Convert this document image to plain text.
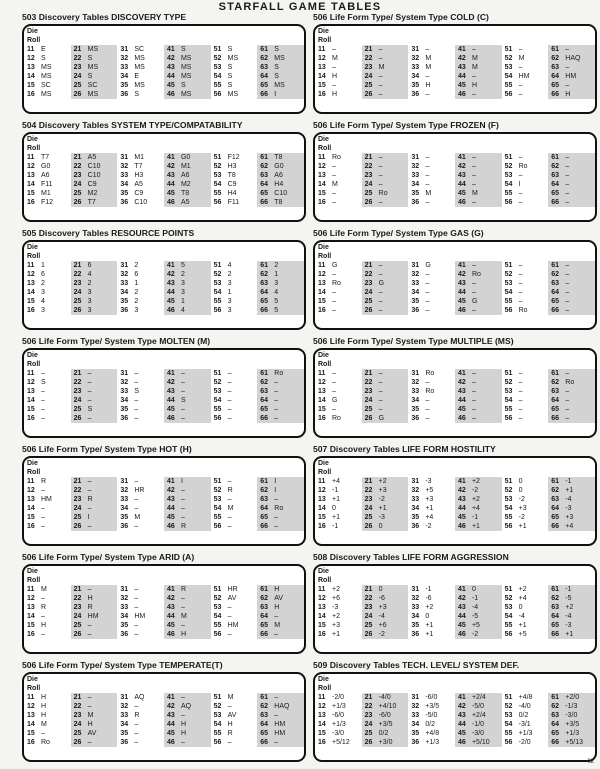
STARFALL GAME TABLES
503 Discovery Tables DISCOVERY TYPE
Die
Roll					

11 E	21 MS	31 SC	41 S	51 S	61 S
12 S	22 S	32 MS	42 MS	52 MS	62 MS
13 MS	23 MS	33 MS	43 MS	53 S	63 S
14 MS	24 S	34 E	44 MS	54 S	64 S
15 SC	25 SC	35 MS	45 S	55 S	65 MS
16 MS	26 MS	36 S	46 MS	56 MS	66 I
504 Discovery Tables SYSTEM TYPE/COMPATABILITY
Die
Roll					

11 T7	21 A5	31 M1	41 G0	51 F12	61 T8
12 G0	22 C10	32 T7	42 M1	52 H3	62 G0
13 A6	23 C10	33 H3	43 A6	53 T8	63 A6
14 F11	24 C9	34 A5	44 M2	54 C9	64 H4
15 M1	25 M2	35 C9	45 T8	55 H4	65 C10
16 F12	26 T7	36 C10	46 A5	56 F11	66 T8
505 Discovery Tables RESOURCE POINTS
Die
Roll					

11 1	21 6	31 2	41 5	51 4	61 2
12 6	22 4	32 6	42 2	52 2	62 1
13 2	23 2	33 1	43 3	53 3	63 3
14 3	24 3	34 2	44 3	54 1	64 4
15 4	25 3	35 2	45 1	55 3	65 5
16 3	26 3	36 3	46 4	56 3	66 5
506 Life Form Type/ System Type MOLTEN (M)
Die
Roll					

11 –	21 –	31 –	41 –	51 –	61 Ro
12 S	22 –	32 –	42 –	52 –	62 –
13 –	23 –	33 S	43 –	53 –	63 –
14 –	24 –	34 –	44 S	54 –	64 –
15 –	25 S	35 –	45 –	55 –	65 –
16 –	26 –	36 –	46 –	56 –	66 –
506 Life Form Type/ System Type HOT (H)
Die
Roll					

11 R	21 –	31 –	41 I	51 –	61 I
12 –	22 –	32 HR	42 –	52 R	62 I
13 HM	23 R	33 –	43 –	53 –	63 –
14 –	24 –	34 –	44 –	54 M	64 Ro
15 –	25 I	35 M	45 –	55 –	65 –
16 –	26 –	36 –	46 R	56 –	66 –
506 Life Form Type/ System Type ARID (A)
Die
Roll					

11 M	21 –	31 –	41 R	51 HR	61 H
12 –	22 H	32 –	42 –	52 AV	62 AV
13 R	23 R	33 –	43 –	53 –	63 H
14 –	24 HM	34 HM	44 M	54 –	64 –
15 H	25 –	35 –	45 –	55 HM	65 M
16 –	26 –	36 –	46 H	56 –	66 –
506 Life Form Type/ System Type TEMPERATE(T)
Die
Roll					

11 H	21 –	31 AQ	41 –	51 M	61 –
12 H	22 –	32 –	42 AQ	52 –	62 HAQ
13 H	23 M	33 R	43 –	53 AV	63 –
14 M	24 H	34 –	44 H	54 H	64 HM
15 –	25 AV	35 –	45 H	55 R	65 HM
16 Ro	26 –	36 –	46 –	56 –	66 –
506 Life Form Type/ System Type COLD (C)
Die
Roll					

11 –	21 –	31 –	41 –	51 –	61 –
12 M	22 –	32 M	42 M	52 M	62 HAQ
13 –	23 M	33 M	43 M	53 –	63 –
14 H	24 –	34 –	44 –	54 HM	64 HM
15 –	25 –	35 H	45 H	55 –	65 –
16 H	26 –	36 –	46 –	56 –	66 H
506 Life Form Type/ System Type FROZEN (F)
Die
Roll					

11 Ro	21 –	31 –	41 –	51 –	61 –
12 –	22 –	32 –	42 –	52 Ro	62 –
13 –	23 –	33 –	43 –	53 –	63 –
14 M	24 –	34 –	44 –	54 I	64 –
15 –	25 Ro	35 M	45 M	55 –	65 –
16 –	26 –	36 –	46 –	56 –	66 –
506 Life Form Type/ System Type GAS (G)
Die
Roll					

11 G	21 –	31 G	41 –	51 –	61 –
12 –	22 –	32 –	42 Ro	52 –	62 –
13 Ro	23 G	33 –	43 –	53 –	63 –
14 –	24 –	34 –	44 –	54 –	64 –
15 –	25 –	35 –	45 G	55 –	65 –
16 –	26 –	36 –	46 –	56 Ro	66 –
506 Life Form Type/ System Type MULTIPLE (MS)
Die
Roll					

11 –	21 –	31 Ro	41 –	51 –	61 –
12 –	22 –	32 –	42 –	52 –	62 Ro
13 –	23 –	33 Ro	43 –	53 –	63 –
14 G	24 –	34 –	44 –	54 –	64 –
15 –	25 –	35 –	45 –	55 –	65 –
16 Ro	26 G	36 –	46 –	56 –	66 –
507 Discovery Tables LIFE FORM HOSTILITY
Die
Roll					

11 +4	21 +2	31 -3	41 +2	51 0	61 -1
12 -1	22 +3	32 +5	42 -2	52 0	62 +1
13 +1	23 -2	33 +3	43 +2	53 -2	63 -4
14 0	24 +1	34 +1	44 +4	54 +3	64 -3
15 +1	25 -3	35 +4	45 -1	55 -2	65 +3
16 -1	26 0	36 -2	46 +1	56 +1	66 +4
508 Discovery Tables LIFE FORM AGGRESSION
Die
Roll					

11 +2	21 0	31 -1	41 0	51 +2	61 -1
12 +6	22 -6	32 -6	42 -1	52 +4	62 -5
13 -3	23 +3	33 +2	43 -4	53 0	63 +2
14 +2	24 -4	34 0	44 -5	54 -4	64 -4
15 +3	25 +6	35 +1	45 +5	55 +1	65 -3
16 +1	26 -2	36 +1	46 -2	56 +5	66 +1
509 Discovery Tables TECH. LEVEL/ SYSTEM DEF.
Die
Roll					

11 -2/0	21 -4/0	31 -6/0	41 +2/4	51 +4/8	61 +2/0
12 +1/3	22 +4/10	32 +3/5	42 -5/0	52 -4/0	62 -1/3
13 -6/0	23 -6/0	33 -5/0	43 +2/4	53 0/2	63 -3/0
14 +1/3	24 +3/5	34 0/2	44 -1/0	54 -3/1	64 +3/5
15 -3/0	25 0/2	35 +4/8	45 -3/0	55 +1/3	65 +1/3
16 +5/12	26 +3/0	36 +1/3	46 +5/10	56 -2/0	66 +5/13
02
